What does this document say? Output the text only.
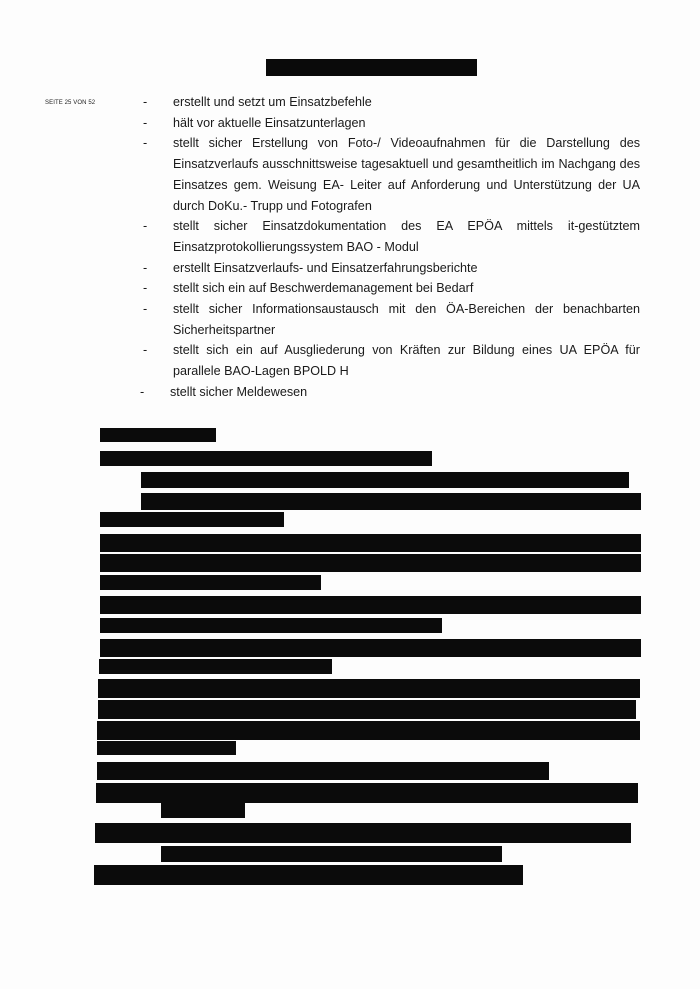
SEITE 25 VON 52	- erstellt und setzt um Einsatzbefehle
- hält vor aktuelle Einsatzunterlagen
- stellt sicher Erstellung von Foto-/ Videoaufnahmen für die Darstellung des Einsatzverlaufs ausschnittsweise tagesaktuell und gesamtheitlich im Nachgang des Einsatzes gem. Weisung EA- Leiter auf Anforderung und Unterstützung der UA durch DoKu.- Trupp und Fotografen
- stellt sicher Einsatzdokumentation des EA EPÖA mittels it-gestütztem Einsatzprotokollierungssystem BAO - Modul
- erstellt Einsatzverlaufs- und Einsatzerfahrungsberichte
- stellt sich ein auf Beschwerdemanagement bei Bedarf
- stellt sicher Informationsaustausch mit den ÖA-Bereichen der benachbarten Sicherheitspartner
- stellt sich ein auf Ausgliederung von Kräften zur Bildung eines UA EPÖA für parallele BAO-Lagen BPOLD H
- stellt sicher Meldewesen
